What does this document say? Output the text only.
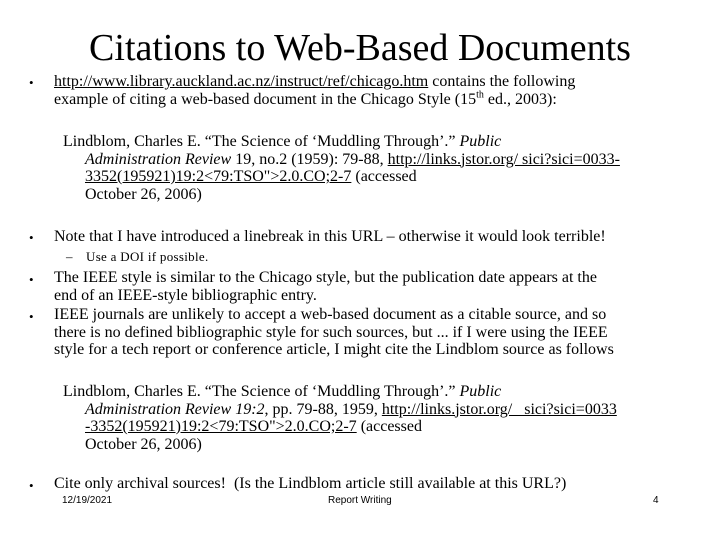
Citations to Web-Based Documents
• http://www.library.auckland.ac.nz/instruct/ref/chicago.htm contains the following
example of citing a web-based document in the Chicago Style (15th ed., 2003):
Lindblom, Charles E. “The Science of ‘Muddling Through’.” Public
Administration Review 19, no.2 (1959): 79-88, http://links.jstor.org/ sici?sici=0033-
3352(195921)19:2<79:TSO">2.0.CO;2-7 (accessed
October 26, 2006)
• Note that I have introduced a linebreak in this URL – otherwise it would look terrible!
– Use a DOI if possible.
• The IEEE style is similar to the Chicago style, but the publication date appears at the
end of an IEEE-style bibliographic entry.
• IEEE journals are unlikely to accept a web-based document as a citable source, and so
there is no defined bibliographic style for such sources, but ... if I were using the IEEE
style for a tech report or conference article, I might cite the Lindblom source as follows
Lindblom, Charles E. “The Science of ‘Muddling Through’.” Public
Administration Review 19:2, pp. 79-88, 1959, http://links.jstor.org/   sici?sici=0033
-3352(195921)19:2<79:TSO">2.0.CO;2-7 (accessed
October 26, 2006)
• Cite only archival sources!  (Is the Lindblom article still available at this URL?)
12/19/2021	Report Writing	4
